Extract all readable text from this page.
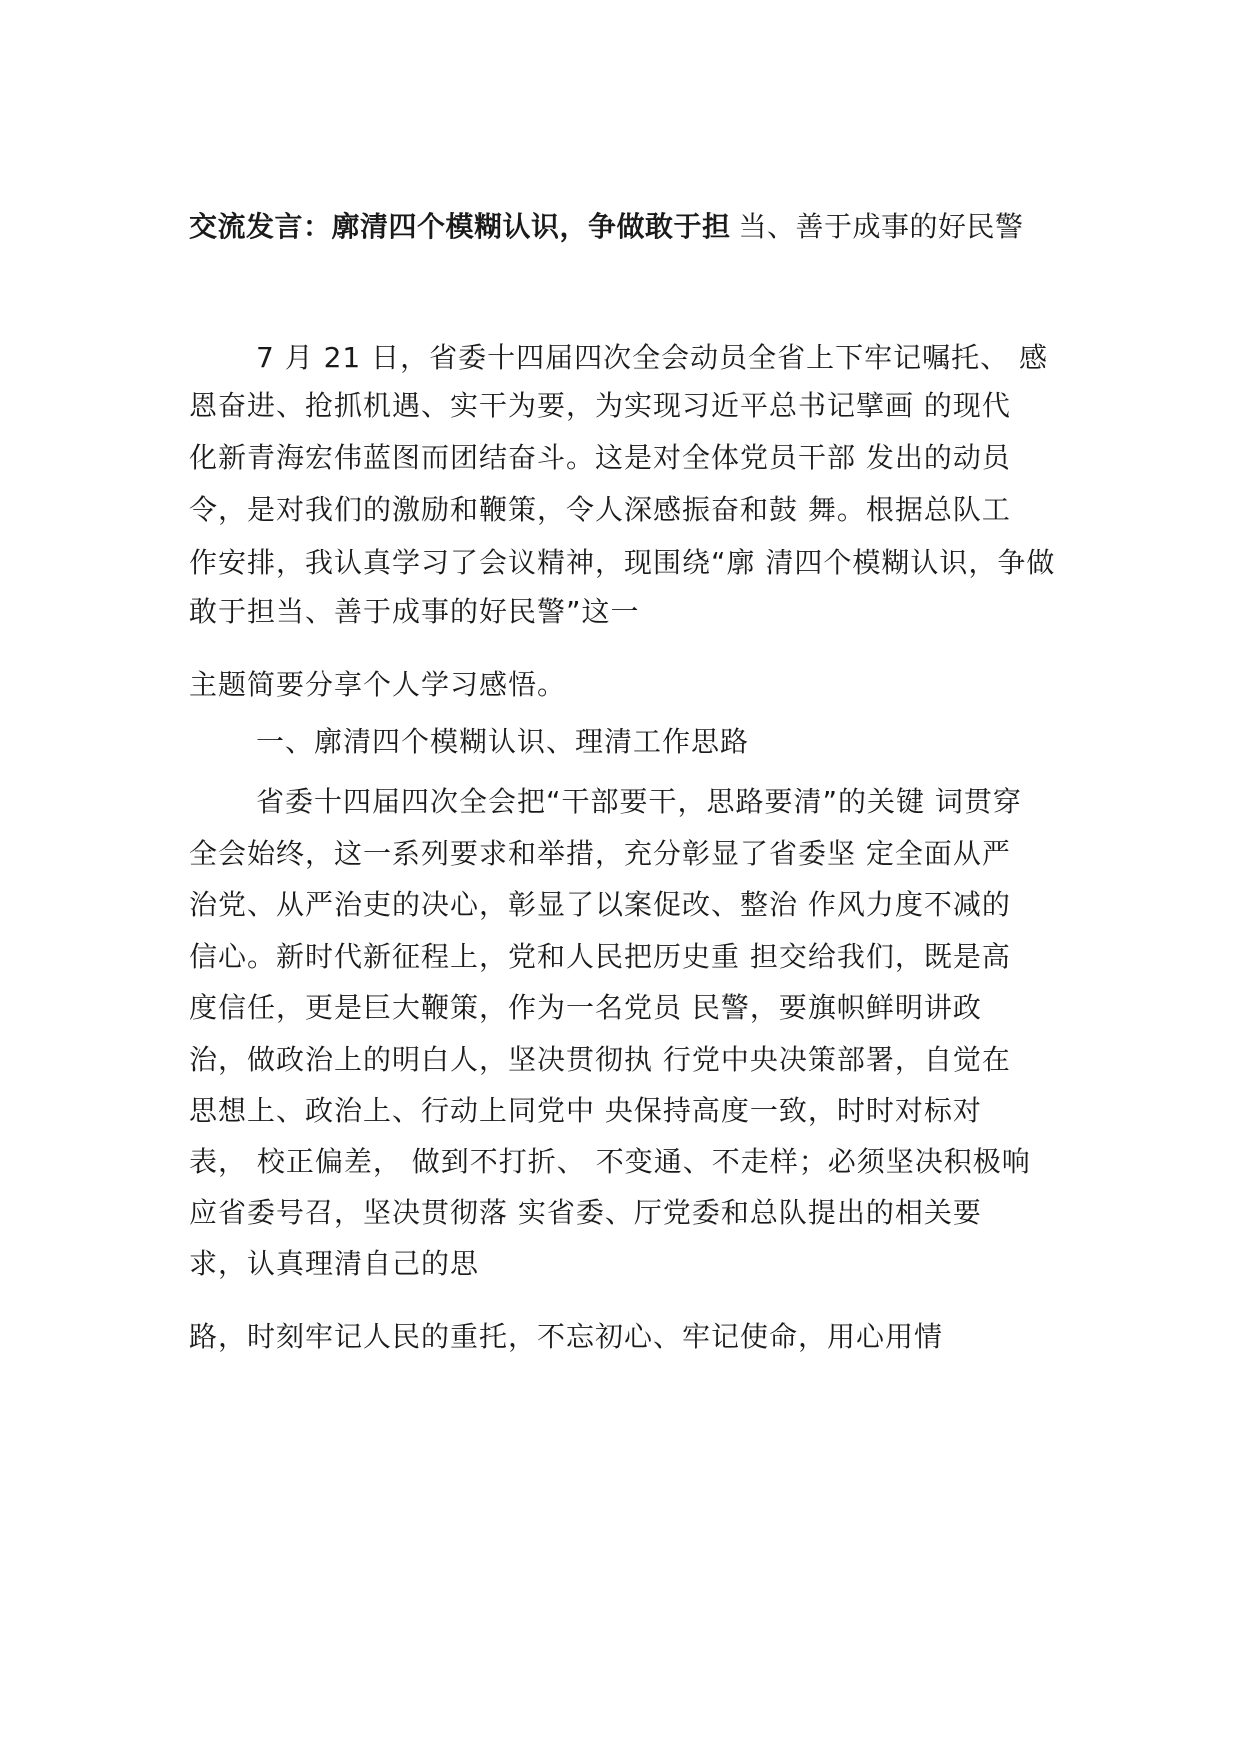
交流发言：廓清四个模糊认识，争做敢于担 当、善于成事的好民警
7 月 21 日，省委十四届四次全会动员全省上下牢记嘱托、 感
恩奋进、抢抓机遇、实干为要，为实现习近平总书记擘画 的现代
化新青海宏伟蓝图而团结奋斗。这是对全体党员干部 发出的动员
令，是对我们的激励和鞭策，令人深感振奋和鼓 舞。根据总队工
作安排，我认真学习了会议精神，现围绕“廓 清四个模糊认识，争做
敢于担当、善于成事的好民警”这一
主题简要分享个人学习感悟。
一、廓清四个模糊认识、理清工作思路
省委十四届四次全会把“干部要干，思路要清”的关键 词贯穿
全会始终，这一系列要求和举措，充分彰显了省委坚 定全面从严
治党、从严治吏的决心，彰显了以案促改、整治 作风力度不减的
信心。新时代新征程上，党和人民把历史重 担交给我们，既是高
度信任，更是巨大鞭策，作为一名党员 民警，要旗帜鲜明讲政
治，做政治上的明白人，坚决贯彻执 行党中央决策部署，自觉在
思想上、政治上、行动上同党中 央保持高度一致，时时对标对
表， 校正偏差， 做到不打折、 不变通、不走样；必须坚决积极响
应省委号召，坚决贯彻落 实省委、厅党委和总队提出的相关要
求，认真理清自己的思
路，时刻牢记人民的重托，不忘初心、牢记使命，用心用情
